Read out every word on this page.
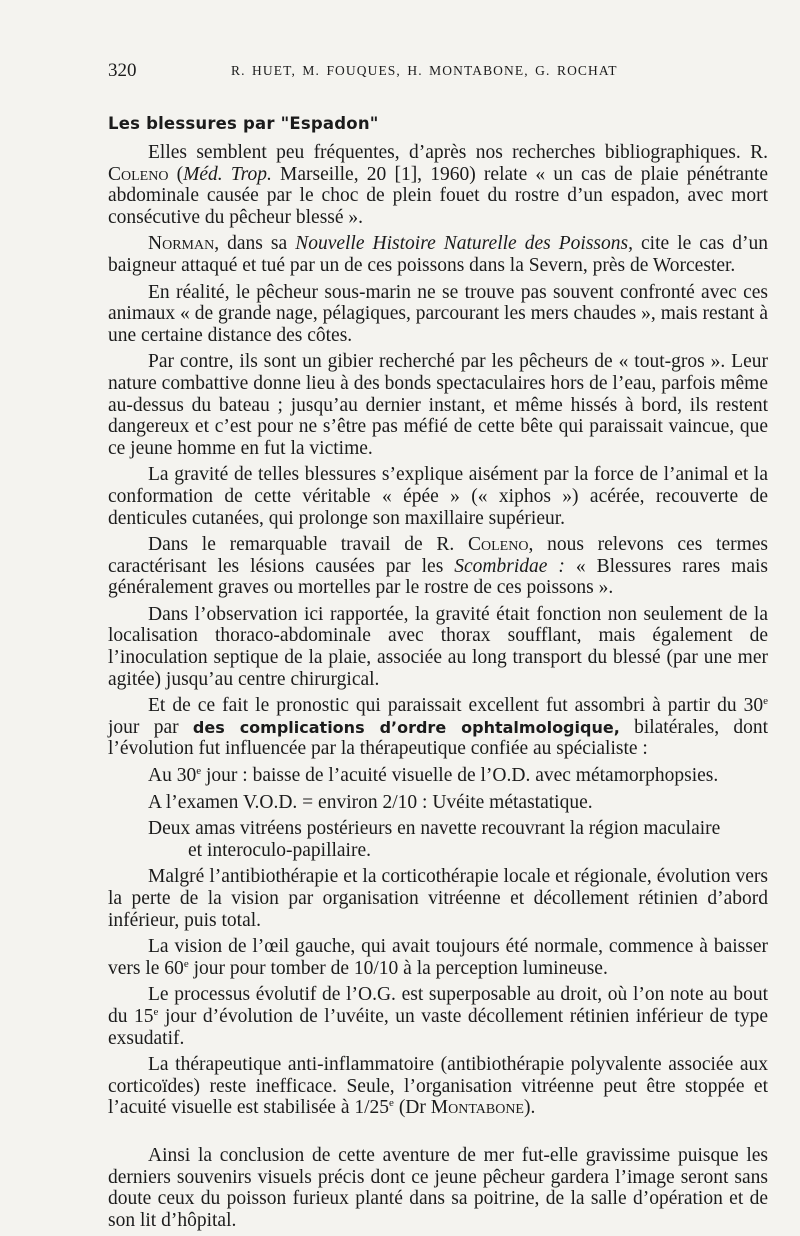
320	R. HUET, M. FOUQUES, H. MONTABONE, G. ROCHAT
Les blessures par "Espadon"

Elles semblent peu fréquentes, d’après nos recherches bibliographiques. R. Coleno (Méd. Trop. Marseille, 20 [1], 1960) relate « un cas de plaie pénétrante abdominale causée par le choc de plein fouet du rostre d’un espadon, avec mort consécutive du pêcheur blessé ».

Norman, dans sa Nouvelle Histoire Naturelle des Poissons, cite le cas d’un baigneur attaqué et tué par un de ces poissons dans la Severn, près de Worcester.

En réalité, le pêcheur sous-marin ne se trouve pas souvent confronté avec ces animaux « de grande nage, pélagiques, parcourant les mers chaudes », mais restant à une certaine distance des côtes.

Par contre, ils sont un gibier recherché par les pêcheurs de « tout-gros ». Leur nature combattive donne lieu à des bonds spectaculaires hors de l’eau, parfois même au-dessus du bateau ; jusqu’au dernier instant, et même hissés à bord, ils restent dangereux et c’est pour ne s’être pas méfié de cette bête qui paraissait vaincue, que ce jeune homme en fut la victime.

La gravité de telles blessures s’explique aisément par la force de l’animal et la conformation de cette véritable « épée » (« xiphos ») acérée, recouverte de denticules cutanées, qui prolonge son maxillaire supérieur.

Dans le remarquable travail de R. Coleno, nous relevons ces termes caractérisant les lésions causées par les Scombridae : « Blessures rares mais généralement graves ou mortelles par le rostre de ces poissons ».

Dans l’observation ici rapportée, la gravité était fonction non seulement de la localisation thoraco-abdominale avec thorax soufflant, mais également de l’inoculation septique de la plaie, associée au long transport du blessé (par une mer agitée) jusqu’au centre chirurgical.

Et de ce fait le pronostic qui paraissait excellent fut assombri à partir du 30e jour par des complications d’ordre ophtalmologique, bilatérales, dont l’évolution fut influencée par la thérapeutique confiée au spécialiste :

Au 30e jour : baisse de l’acuité visuelle de l’O.D. avec métamorphopsies.

A l’examen V.O.D. = environ 2/10 : Uvéite métastatique.

Deux amas vitréens postérieurs en navette recouvrant la région maculaire
et interoculo-papillaire.

Malgré l’antibiothérapie et la corticothérapie locale et régionale, évolution vers la perte de la vision par organisation vitréenne et décollement rétinien d’abord inférieur, puis total.

La vision de l’œil gauche, qui avait toujours été normale, commence à baisser vers le 60e jour pour tomber de 10/10 à la perception lumineuse.

Le processus évolutif de l’O.G. est superposable au droit, où l’on note au bout du 15e jour d’évolution de l’uvéite, un vaste décollement rétinien inférieur de type exsudatif.

La thérapeutique anti-inflammatoire (antibiothérapie polyvalente associée aux corticoïdes) reste inefficace. Seule, l’organisation vitréenne peut être stoppée et l’acuité visuelle est stabilisée à 1/25e (Dr Montabone).

Ainsi la conclusion de cette aventure de mer fut-elle gravissime puisque les derniers souvenirs visuels précis dont ce jeune pêcheur gardera l’image seront sans doute ceux du poisson furieux planté dans sa poitrine, de la salle d’opération et de son lit d’hôpital.
